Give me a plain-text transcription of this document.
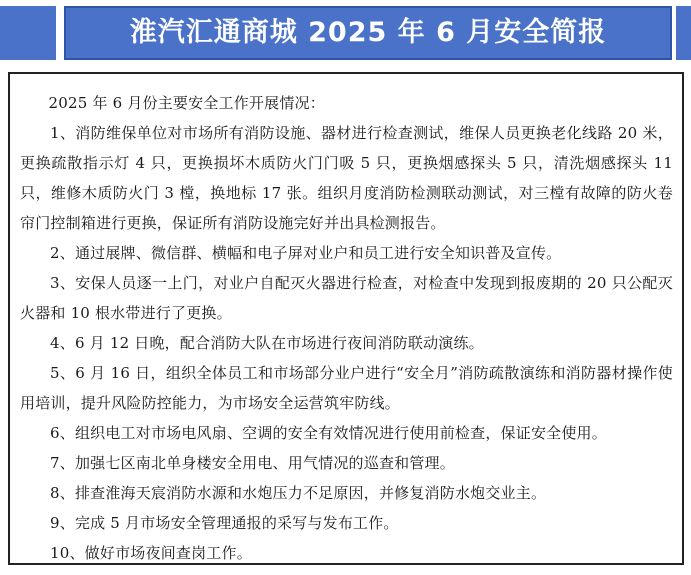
淮汽汇通商城 2025 年 6 月安全简报

2025 年 6 月份主要安全工作开展情况：

1、消防维保单位对市场所有消防设施、器材进行检查测试，维保人员更换老化线路 20 米，更换疏散指示灯 4 只，更换损坏木质防火门门吸 5 只，更换烟感探头 5 只，清洗烟感探头 11 只，维修木质防火门 3 樘，换地标 17 张。组织月度消防检测联动测试，对三樘有故障的防火卷帘门控制箱进行更换，保证所有消防设施完好并出具检测报告。

2、通过展牌、微信群、横幅和电子屏对业户和员工进行安全知识普及宣传。

3、安保人员逐一上门，对业户自配灭火器进行检查，对检查中发现到报废期的 20 只公配灭火器和 10 根水带进行了更换。

4、6 月 12 日晚，配合消防大队在市场进行夜间消防联动演练。

5、6 月 16 日，组织全体员工和市场部分业户进行“安全月”消防疏散演练和消防器材操作使用培训，提升风险防控能力，为市场安全运营筑牢防线。

6、组织电工对市场电风扇、空调的安全有效情况进行使用前检查，保证安全使用。

7、加强七区南北单身楼安全用电、用气情况的巡查和管理。

8、排查淮海天宸消防水源和水炮压力不足原因，并修复消防水炮交业主。

9、完成 5 月市场安全管理通报的采写与发布工作。

10、做好市场夜间查岗工作。
